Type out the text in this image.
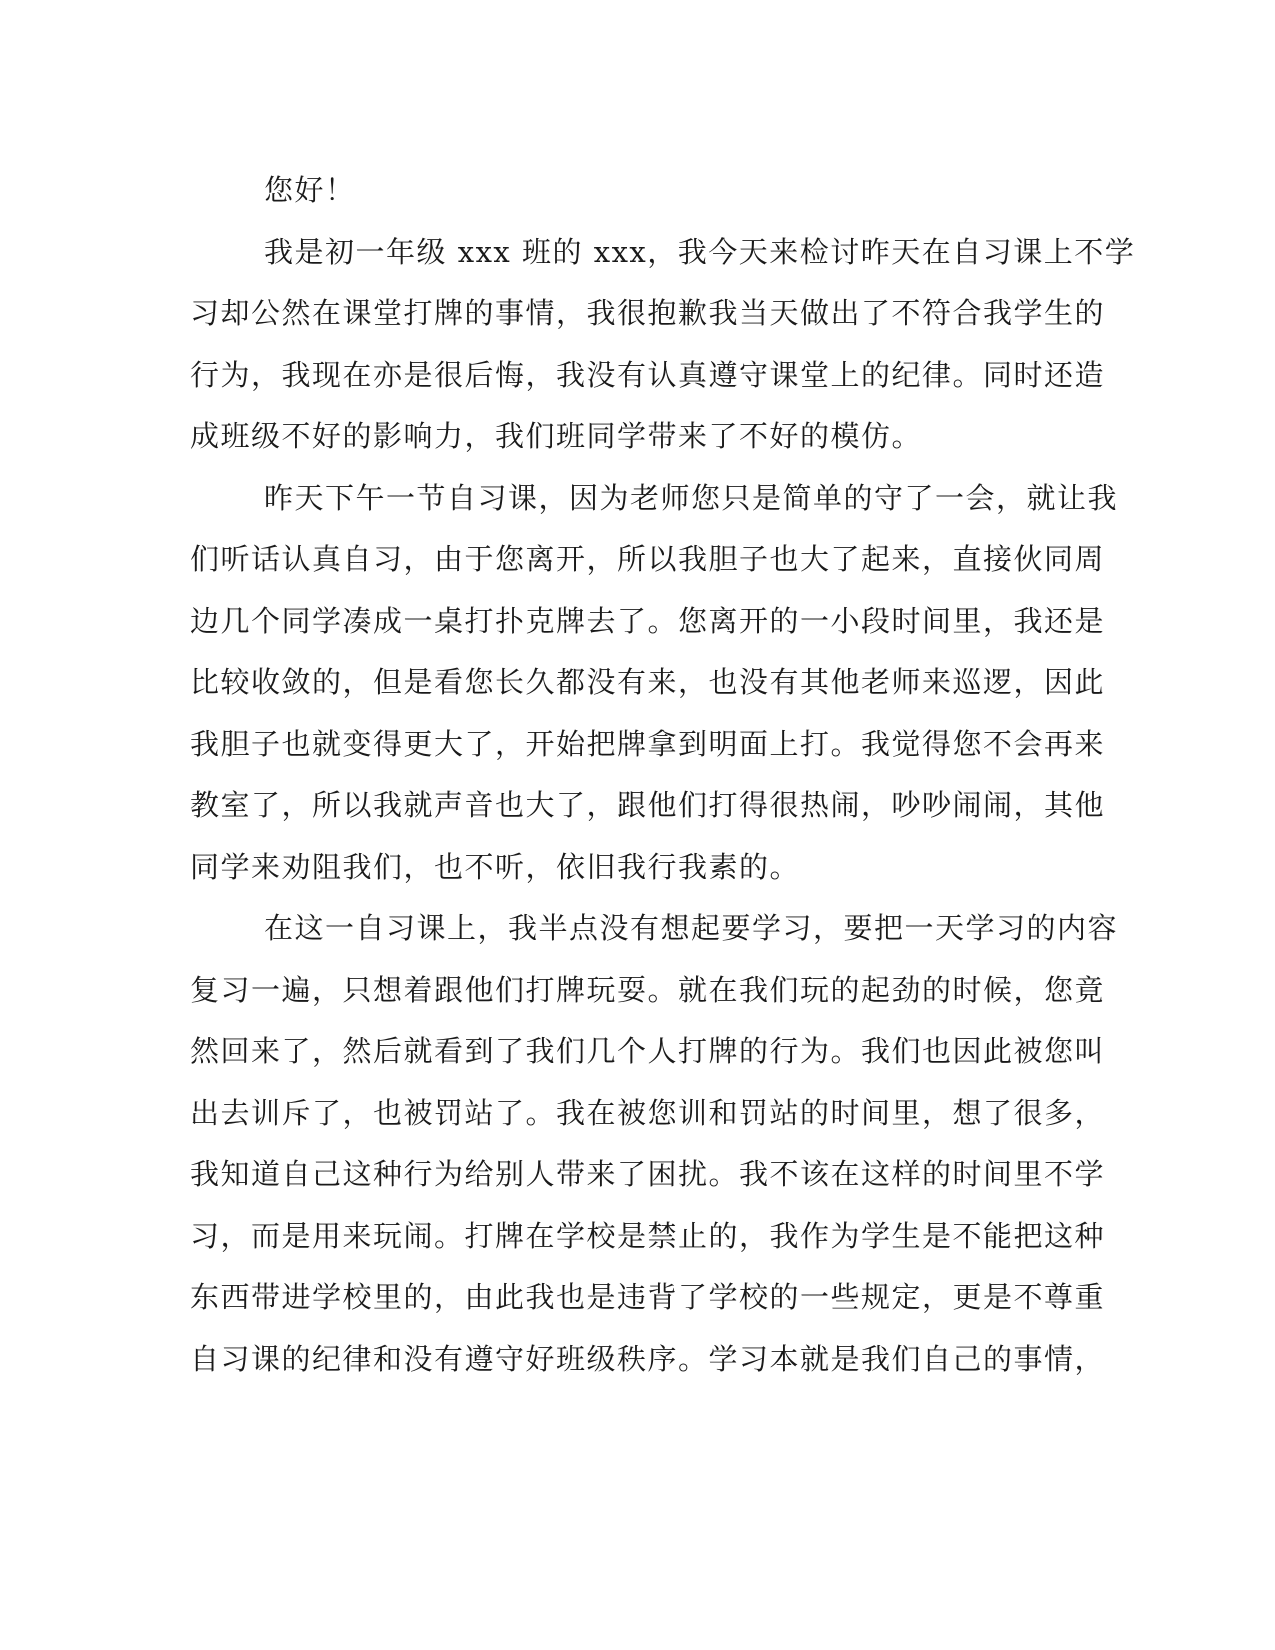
您好！
我是初一年级 xxx 班的 xxx，我今天来检讨昨天在自习课上不学
习却公然在课堂打牌的事情，我很抱歉我当天做出了不符合我学生的
行为，我现在亦是很后悔，我没有认真遵守课堂上的纪律。同时还造
成班级不好的影响力，我们班同学带来了不好的模仿。
昨天下午一节自习课，因为老师您只是简单的守了一会，就让我
们听话认真自习，由于您离开，所以我胆子也大了起来，直接伙同周
边几个同学凑成一桌打扑克牌去了。您离开的一小段时间里，我还是
比较收敛的，但是看您长久都没有来，也没有其他老师来巡逻，因此
我胆子也就变得更大了，开始把牌拿到明面上打。我觉得您不会再来
教室了，所以我就声音也大了，跟他们打得很热闹，吵吵闹闹，其他
同学来劝阻我们，也不听，依旧我行我素的。
在这一自习课上，我半点没有想起要学习，要把一天学习的内容
复习一遍，只想着跟他们打牌玩耍。就在我们玩的起劲的时候，您竟
然回来了，然后就看到了我们几个人打牌的行为。我们也因此被您叫
出去训斥了，也被罚站了。我在被您训和罚站的时间里，想了很多，
我知道自己这种行为给别人带来了困扰。我不该在这样的时间里不学
习，而是用来玩闹。打牌在学校是禁止的，我作为学生是不能把这种
东西带进学校里的，由此我也是违背了学校的一些规定，更是不尊重
自习课的纪律和没有遵守好班级秩序。学习本就是我们自己的事情，
